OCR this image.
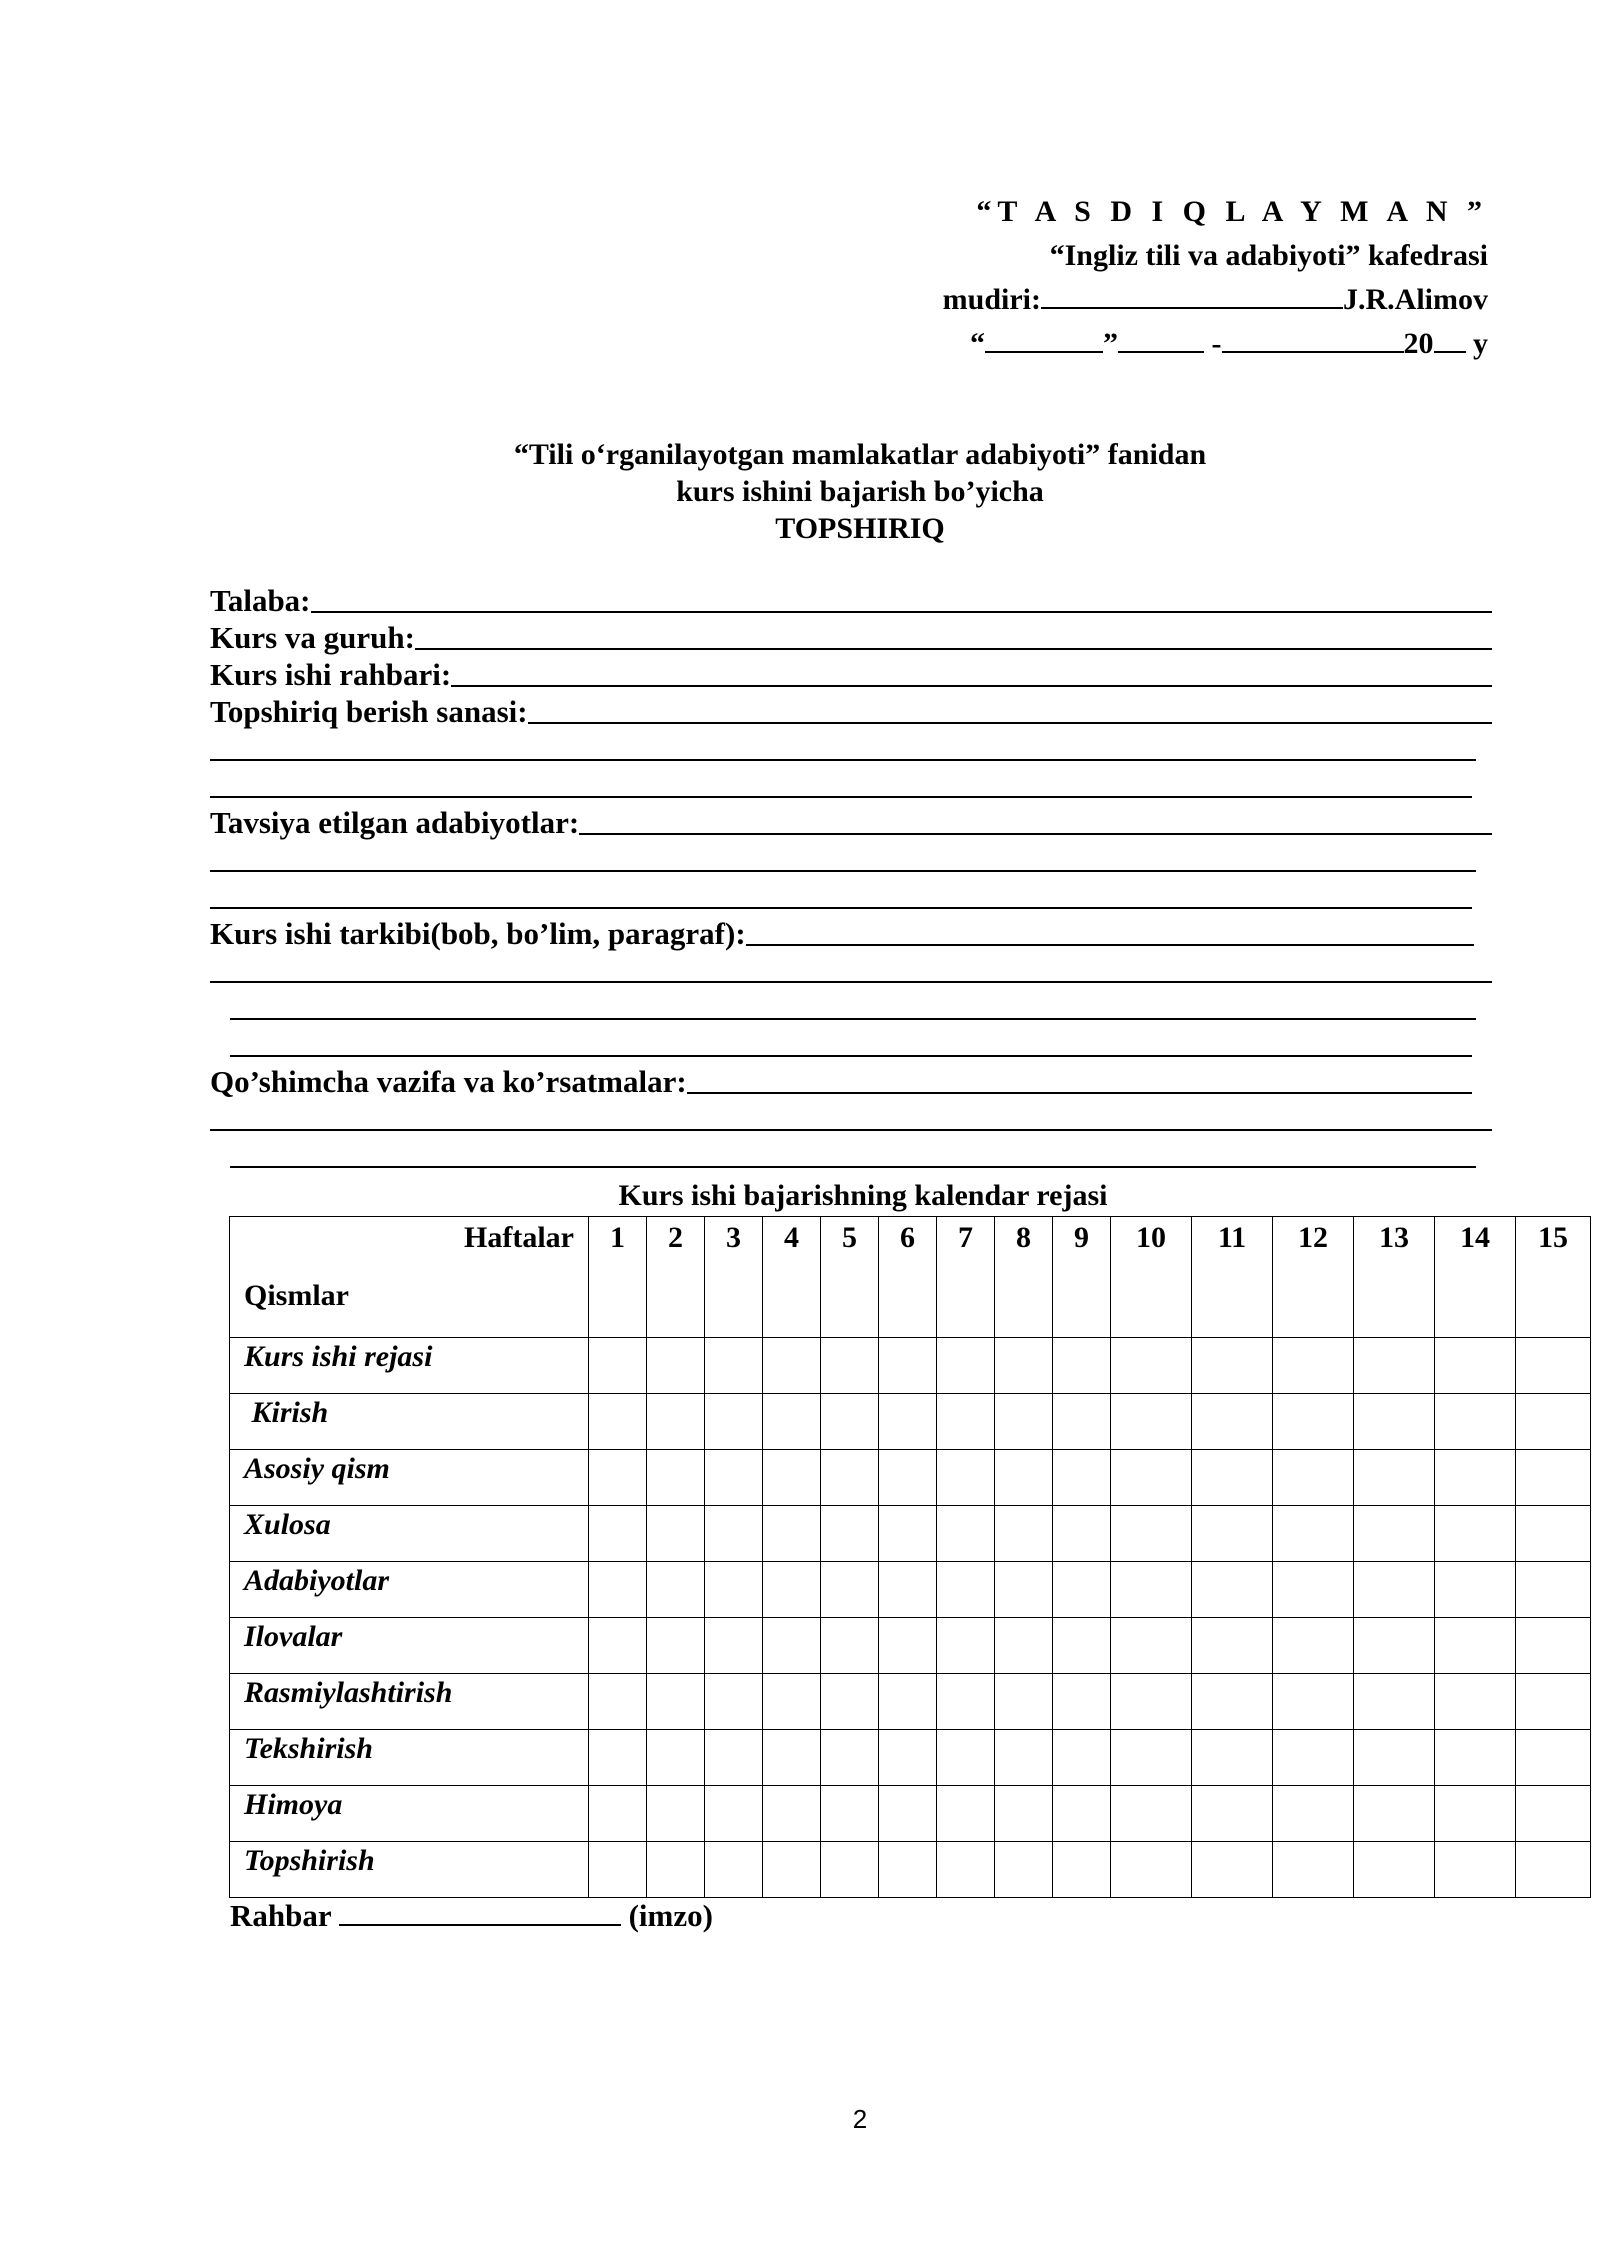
“T A S D I Q L A Y M A N ”
“Ingliz tili va adabiyoti” kafedrasi
mudiri:	J.R.Alimov
“	”	-	20 y
“Tili o‘rganilayotgan mamlakatlar adabiyoti” fanidan
kurs ishini bajarish bo’yicha
TOPSHIRIQ
Talaba:
Kurs va guruh:
Kurs ishi rahbari:
Topshiriq berish sanasi:
Tavsiya etilgan adabiyotlar:
Kurs ishi tarkibi(bob, bo’lim, paragraf):
Qo’shimcha vazifa va ko’rsatmalar:
Kurs ishi bajarishning kalendar rejasi
Haftalar
Qismlar	1	2	3	4	5	6	7	8	9	10	11	12	13	14	15
Kurs ishi rejasi															
Kirish															
Asosiy qism															
Xulosa															
Adabiyotlar															
Ilovalar															
Rasmiylashtirish															
Tekshirish															
Himoya															
Topshirish															
Rahbar	(imzo)
2
